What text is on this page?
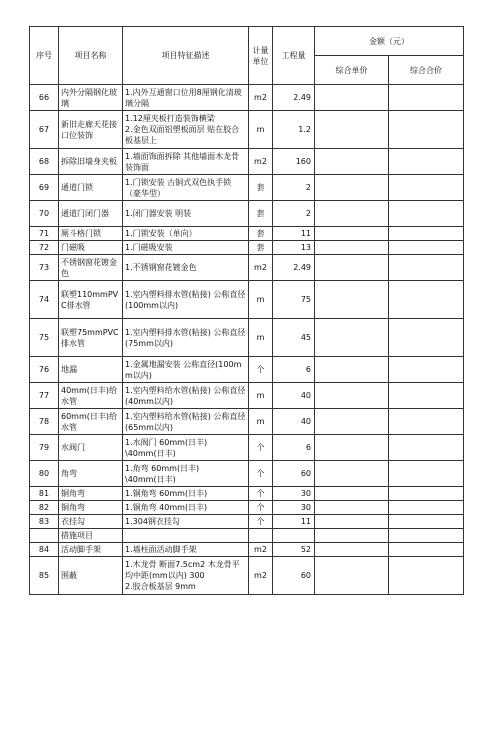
序号	项目名称	项目特征描述	计量单位	工程量	金额（元）	
					综合单价	综合合价
66	内外分隔钢化玻璃	1.内外互通窗口位用8厘钢化清玻璃分隔	m2	2.49		
67	新旧走廊天花接口位装饰	1.12厘夹板打造装饰横梁
2.金色双面铝塑板面层 贴在胶合板基层上	m	1.2		
68	拆除旧墙身夹板	1.墙面饰面拆除 其他墙面木龙骨装饰面	m2	160		
69	通道门锁	1.门锁安装 古铜式双色执手锁（豪华型）	套	2		
70	通道门闭门器	1.闭门器安装 明装	套	2		
71	厕斗格门锁	1.门锁安装（单向）	套	11		
72	门磁吸	1.门磁吸安装	套	13		
73	不锈钢窗花镀金色	1.不锈钢窗花镀金色	m2	2.49		
74	联塑110mmPVC排水管	1.室内塑料排水管(粘接) 公称直径(100mm以内)	m	75		
75	联塑75mmPVC排水管	1.室内塑料排水管(粘接) 公称直径(75mm以内)	m	45		
76	地漏	1.金属地漏安装 公称直径(100mm以内)	个	6		
77	40mm(日丰)给水管	1.室内塑料给水管(粘接) 公称直径(40mm以内)	m	40		
78	60mm(日丰)给水管	1.室内塑料给水管(粘接) 公称直径(65mm以内)	m	40		
79	水阀门	1.水阀门 60mm(日丰)
\40mm(日丰)	个	6		
80	角弯	1.角弯 60mm(日丰)
\40mm(日丰)	个	60		
81	铜角弯	1.铜角弯 60mm(日丰)	个	30		
82	铜角弯	1.铜角弯 40mm(日丰)	个	30		
83	衣挂勾	1.304钢衣挂勾	个	11		
	措施项目					
84	活动脚手架	1.墙柱面活动脚手架	m2	52		
85	围蔽	1.木龙骨 断面7.5cm2 木龙骨平均中距(mm以内) 300
2.胶合板基层 9mm	m2	60		
